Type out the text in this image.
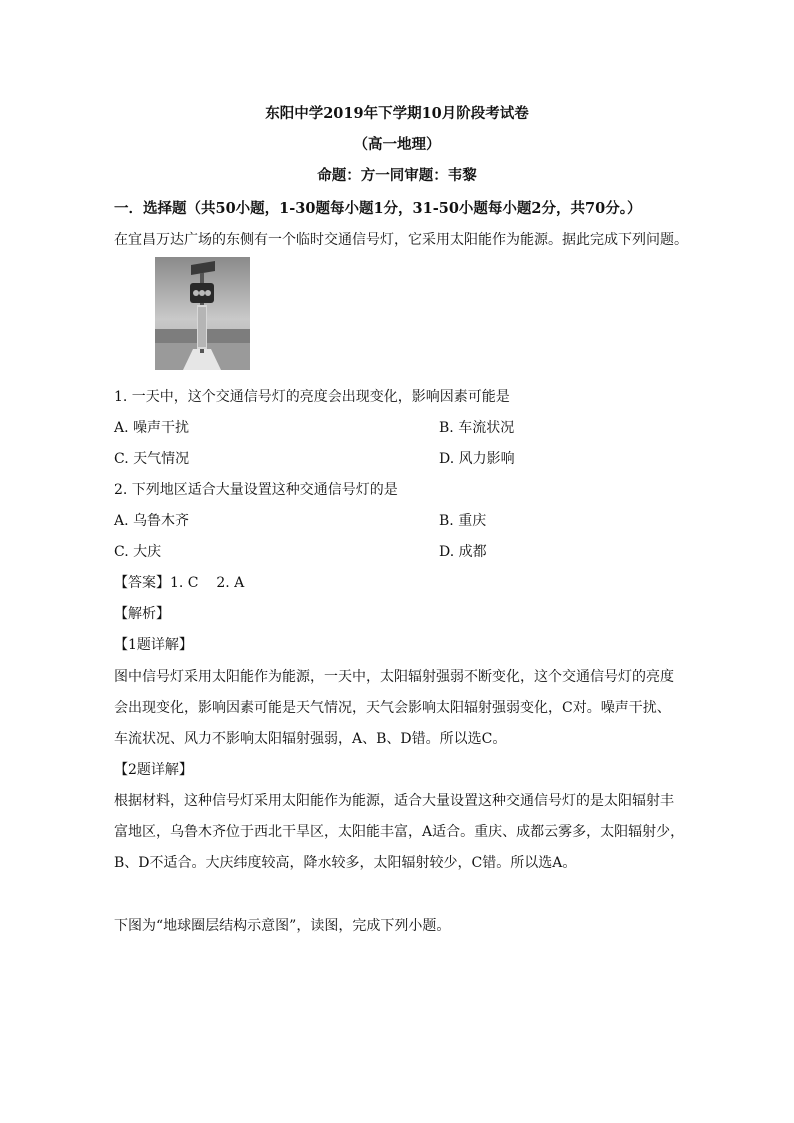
东阳中学2019年下学期10月阶段考试卷
（高一地理）
命题：方一同审题：韦黎
一．选择题（共50小题，1-30题每小题1分，31-50小题每小题2分，共70分。）
在宜昌万达广场的东侧有一个临时交通信号灯，它采用太阳能作为能源。据此完成下列问题。
1. 一天中，这个交通信号灯的亮度会出现变化，影响因素可能是
A. 噪声干扰	B. 车流状况
C. 天气情况	D. 风力影响
2. 下列地区适合大量设置这种交通信号灯的是
A. 乌鲁木齐	B. 重庆
C. 大庆	D. 成都
【答案】1. C    2. A
【解析】
【1题详解】
图中信号灯采用太阳能作为能源，一天中，太阳辐射强弱不断变化，这个交通信号灯的亮度
会出现变化，影响因素可能是天气情况，天气会影响太阳辐射强弱变化，C对。噪声干扰、
车流状况、风力不影响太阳辐射强弱，A、B、D错。所以选C。
【2题详解】
根据材料，这种信号灯采用太阳能作为能源，适合大量设置这种交通信号灯的是太阳辐射丰
富地区，乌鲁木齐位于西北干旱区，太阳能丰富，A适合。重庆、成都云雾多，太阳辐射少，
B、D不适合。大庆纬度较高，降水较多，太阳辐射较少，C错。所以选A。
下图为“地球圈层结构示意图”，读图，完成下列小题。
